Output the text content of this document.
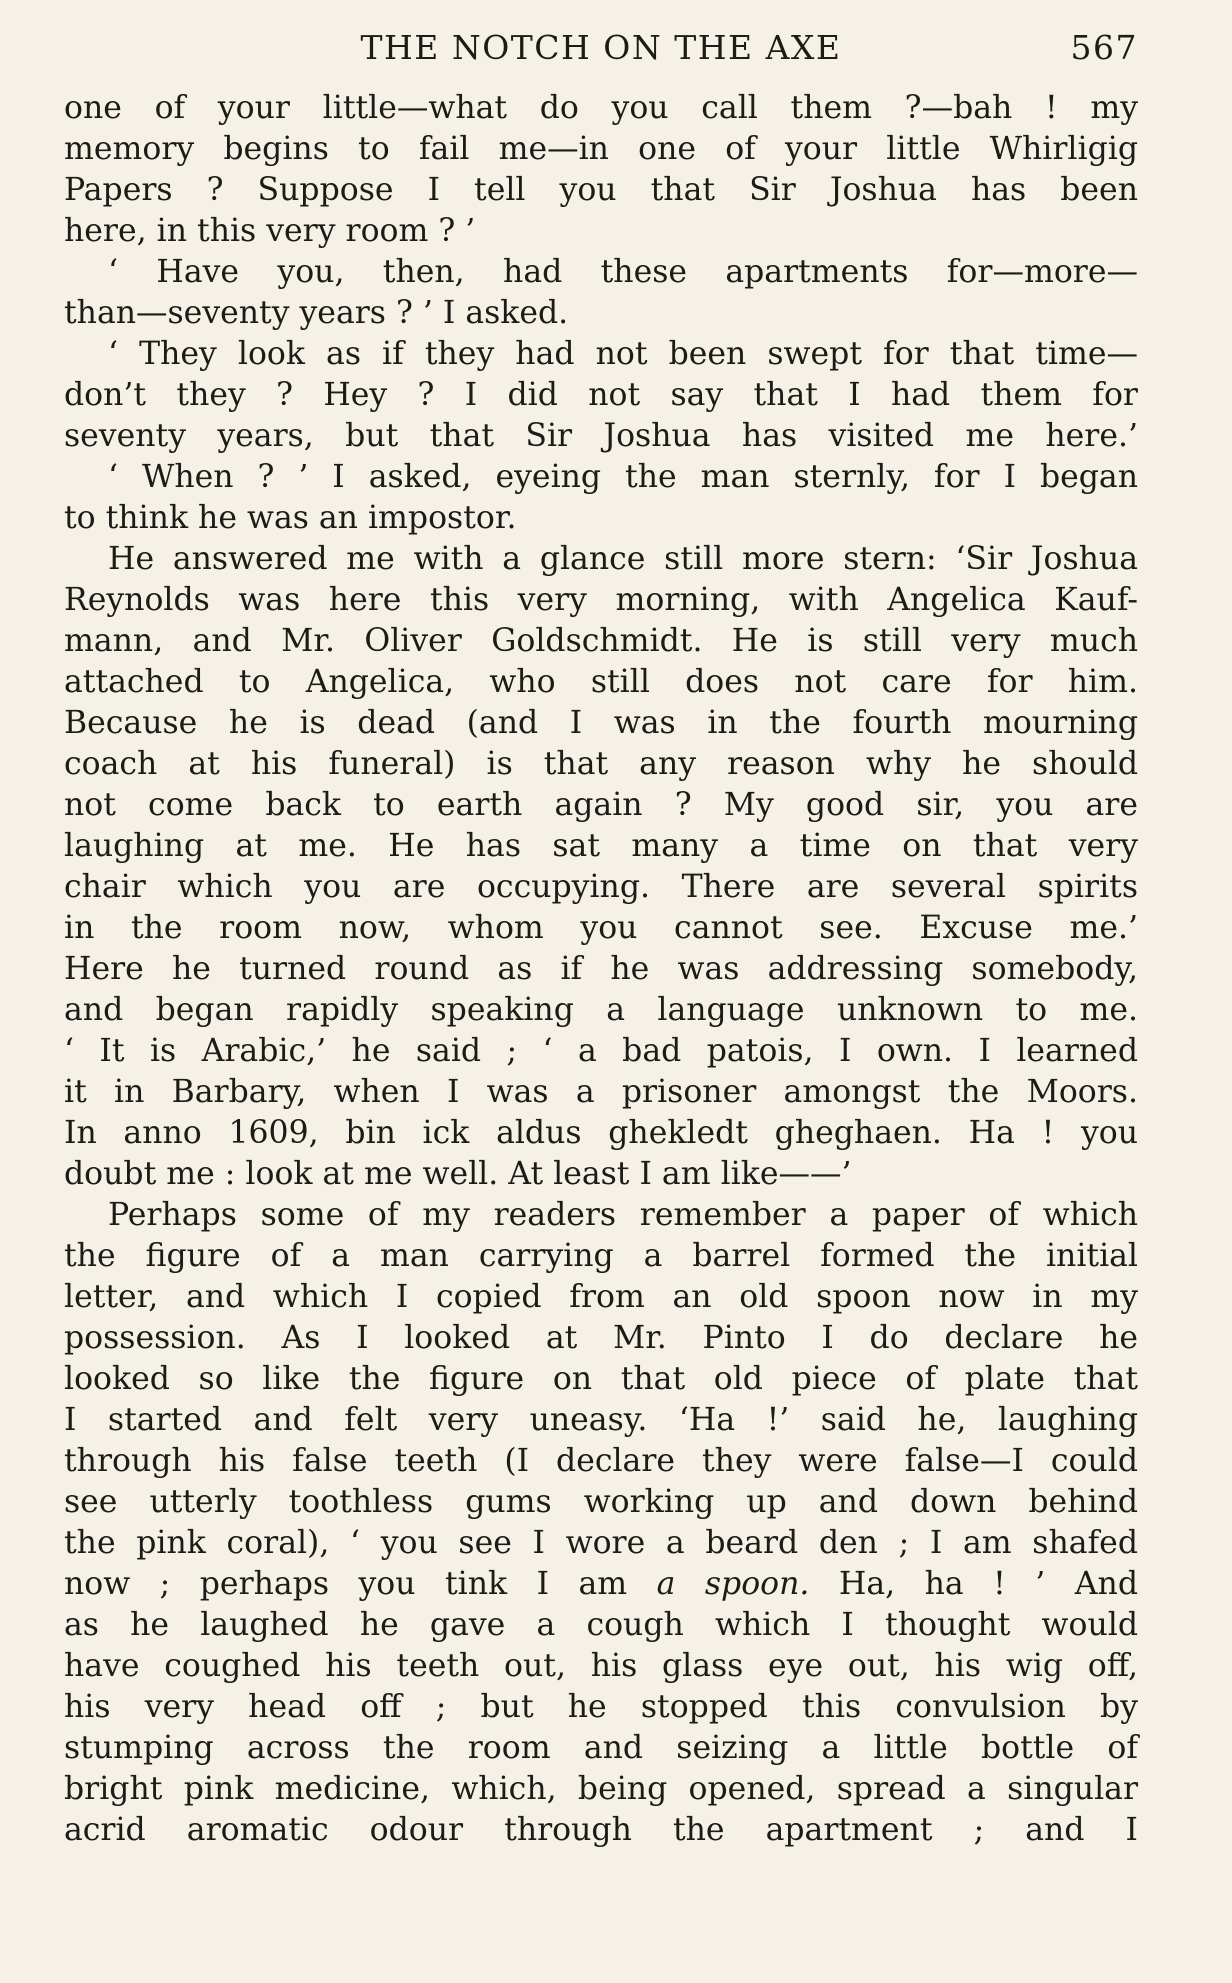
THE NOTCH ON THE AXE	567
one of your little—what do you call them ?—bah ! my
memory begins to fail me—in one of your little Whirligig
Papers ? Suppose I tell you that Sir Joshua has been
here, in this very room ? ’
‘ Have you, then, had these apartments for—more—
than—seventy years ? ’ I asked.
‘ They look as if they had not been swept for that time—
don’t they ? Hey ? I did not say that I had them for
seventy years, but that Sir Joshua has visited me here.’
‘ When ? ’ I asked, eyeing the man sternly, for I began
to think he was an impostor.
He answered me with a glance still more stern: ‘Sir Joshua
Reynolds was here this very morning, with Angelica Kauf-
mann, and Mr. Oliver Goldschmidt. He is still very much
attached to Angelica, who still does not care for him.
Because he is dead (and I was in the fourth mourning
coach at his funeral) is that any reason why he should
not come back to earth again ? My good sir, you are
laughing at me. He has sat many a time on that very
chair which you are occupying. There are several spirits
in the room now, whom you cannot see. Excuse me.’
Here he turned round as if he was addressing somebody,
and began rapidly speaking a language unknown to me.
‘ It is Arabic,’ he said ; ‘ a bad patois, I own. I learned
it in Barbary, when I was a prisoner amongst the Moors.
In anno 1609, bin ick aldus ghekledt gheghaen. Ha ! you
doubt me : look at me well. At least I am like——’
Perhaps some of my readers remember a paper of which
the figure of a man carrying a barrel formed the initial
letter, and which I copied from an old spoon now in my
possession. As I looked at Mr. Pinto I do declare he
looked so like the figure on that old piece of plate that
I started and felt very uneasy. ‘Ha !’ said he, laughing
through his false teeth (I declare they were false—I could
see utterly toothless gums working up and down behind
the pink coral), ‘ you see I wore a beard den ; I am shafed
now ; perhaps you tink I am a spoon. Ha, ha ! ’ And
as he laughed he gave a cough which I thought would
have coughed his teeth out, his glass eye out, his wig off,
his very head off ; but he stopped this convulsion by
stumping across the room and seizing a little bottle of
bright pink medicine, which, being opened, spread a singular
acrid aromatic odour through the apartment ; and I
